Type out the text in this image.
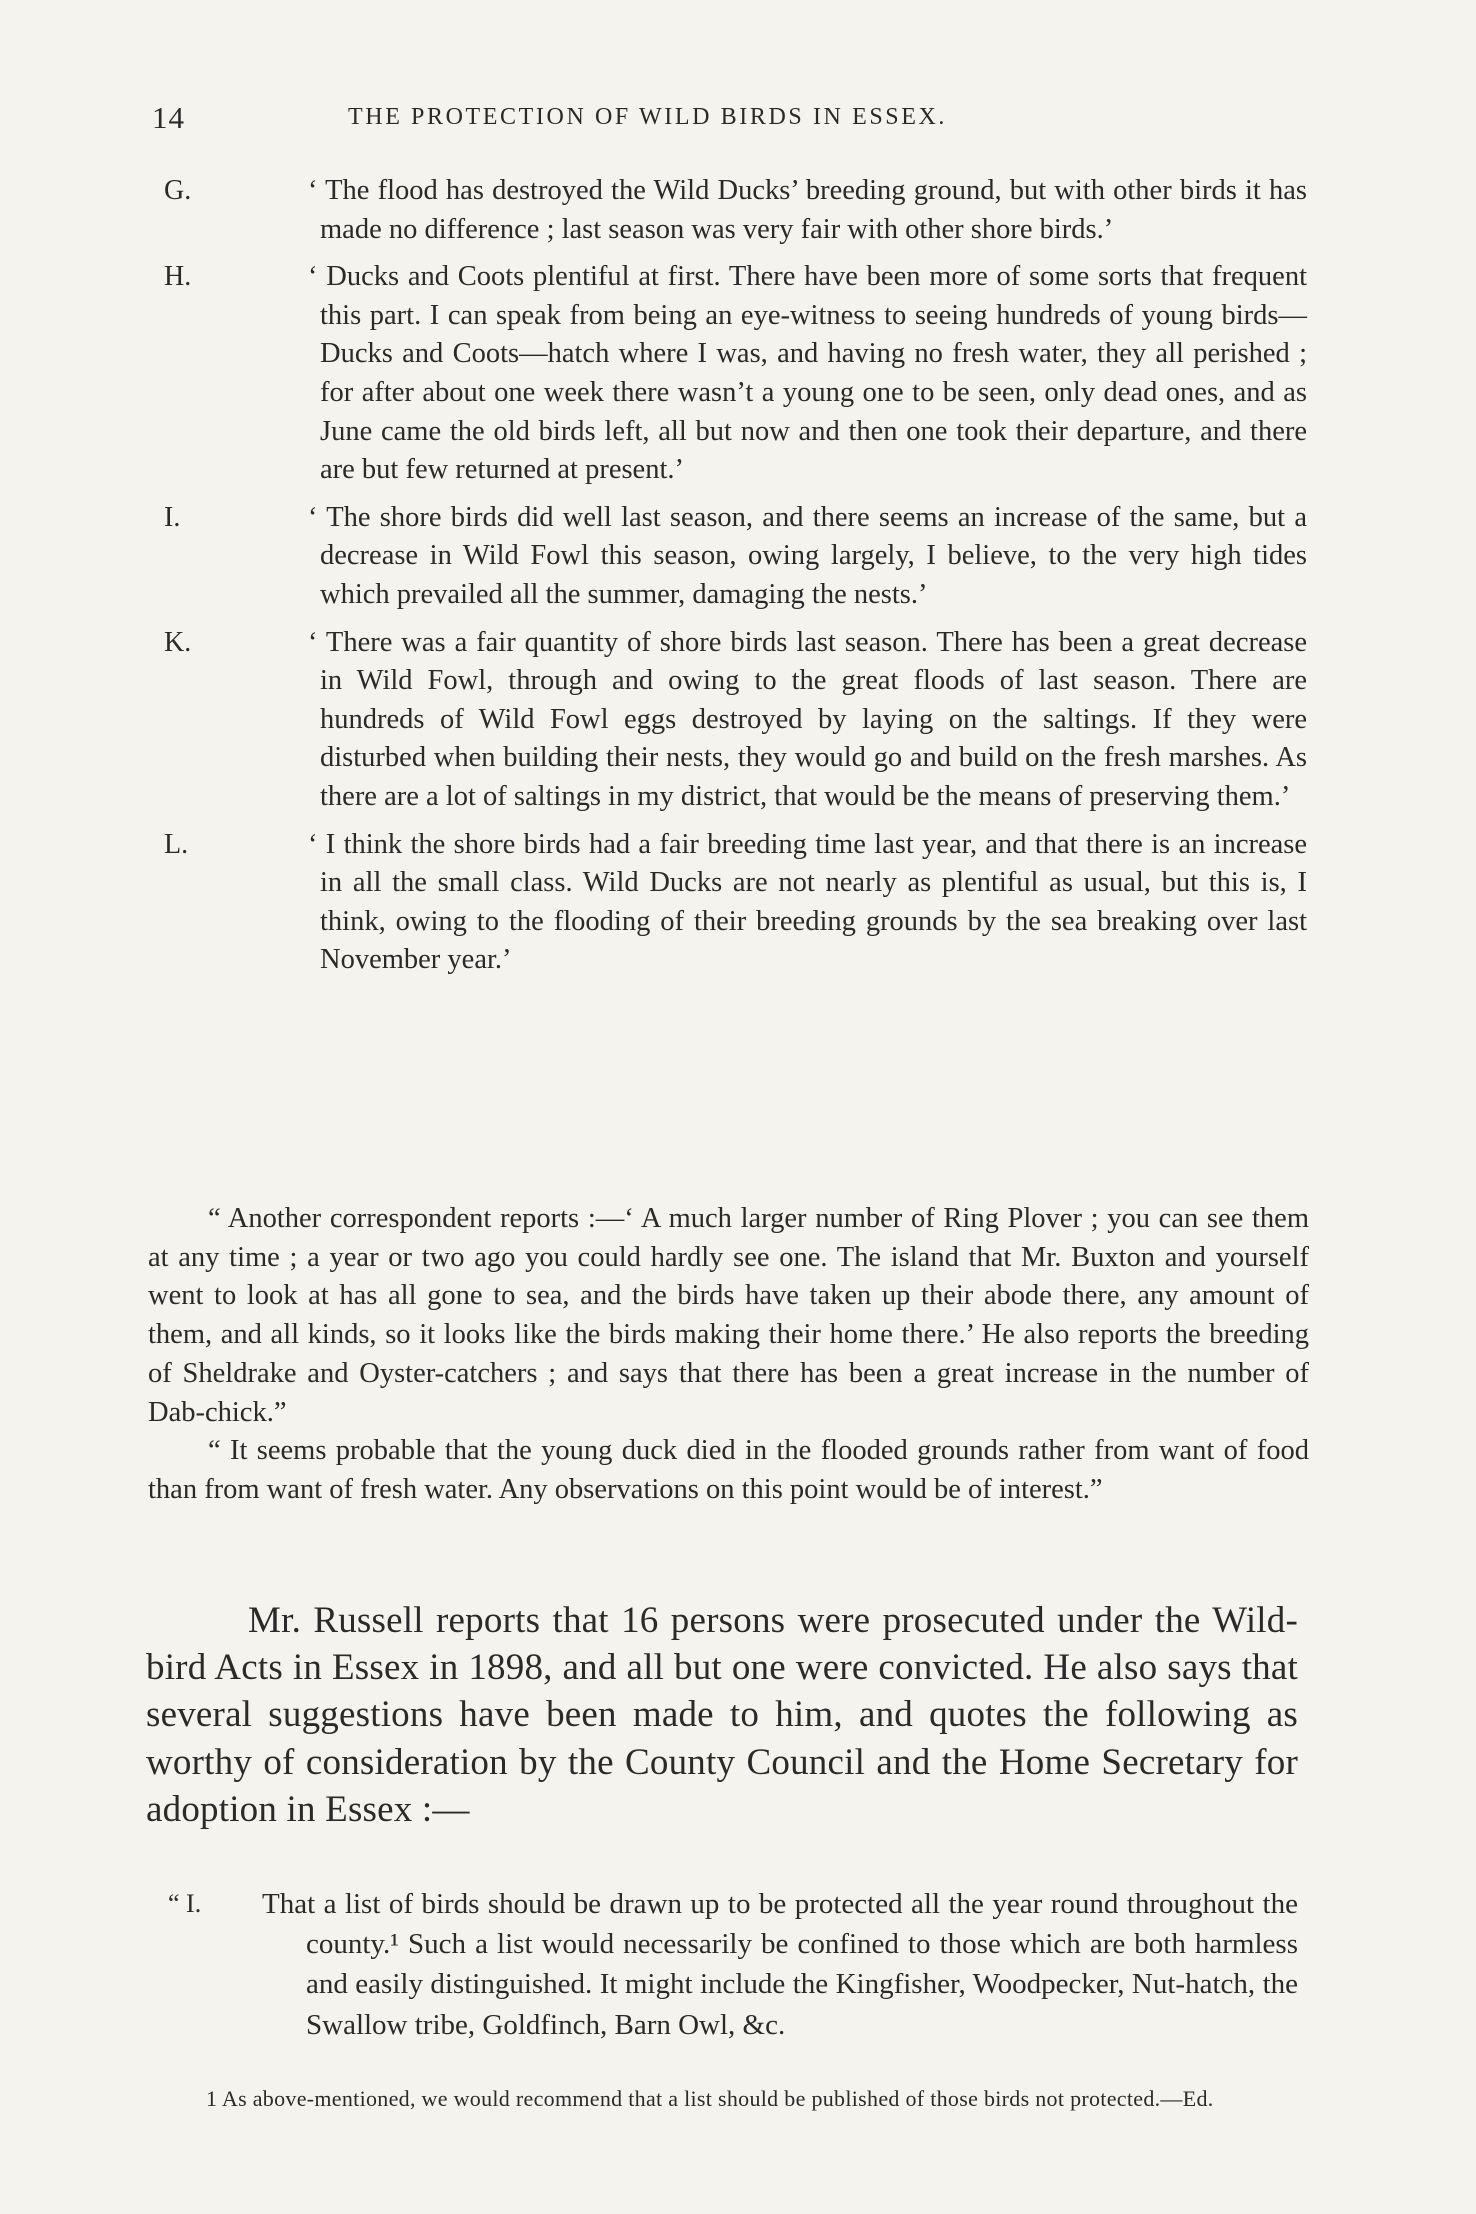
14	THE PROTECTION OF WILD BIRDS IN ESSEX.
G.	‘ The flood has destroyed the Wild Ducks’ breeding ground, but with other birds it has made no difference ; last season was very fair with other shore birds.’

H.	‘ Ducks and Coots plentiful at first. There have been more of some sorts that frequent this part. I can speak from being an eye-witness to seeing hundreds of young birds—Ducks and Coots—hatch where I was, and having no fresh water, they all perished ; for after about one week there wasn’t a young one to be seen, only dead ones, and as June came the old birds left, all but now and then one took their departure, and there are but few returned at present.’

I.	‘ The shore birds did well last season, and there seems an increase of the same, but a decrease in Wild Fowl this season, owing largely, I believe, to the very high tides which prevailed all the summer, damaging the nests.’

K.	‘ There was a fair quantity of shore birds last season. There has been a great decrease in Wild Fowl, through and owing to the great floods of last season. There are hundreds of Wild Fowl eggs destroyed by laying on the saltings. If they were disturbed when building their nests, they would go and build on the fresh marshes. As there are a lot of saltings in my district, that would be the means of preserving them.’

L.	‘ I think the shore birds had a fair breeding time last year, and that there is an increase in all the small class. Wild Ducks are not nearly as plentiful as usual, but this is, I think, owing to the flooding of their breeding grounds by the sea breaking over last November year.’

“ Another correspondent reports :—‘ A much larger number of Ring Plover ; you can see them at any time ; a year or two ago you could hardly see one. The island that Mr. Buxton and yourself went to look at has all gone to sea, and the birds have taken up their abode there, any amount of them, and all kinds, so it looks like the birds making their home there.’ He also reports the breeding of Sheldrake and Oyster-catchers ; and says that there has been a great increase in the number of Dab-chick.”

“ It seems probable that the young duck died in the flooded grounds rather from want of food than from want of fresh water. Any observations on this point would be of interest.”

Mr. Russell reports that 16 persons were prosecuted under the Wild-bird Acts in Essex in 1898, and all but one were convicted. He also says that several suggestions have been made to him, and quotes the following as worthy of consideration by the County Council and the Home Secretary for adoption in Essex :—

“ I. That a list of birds should be drawn up to be protected all the year round throughout the county.¹ Such a list would necessarily be confined to those which are both harmless and easily distinguished. It might include the Kingfisher, Woodpecker, Nut-hatch, the Swallow tribe, Goldfinch, Barn Owl, &c.

1 As above-mentioned, we would recommend that a list should be published of those birds not protected.—Ed.
